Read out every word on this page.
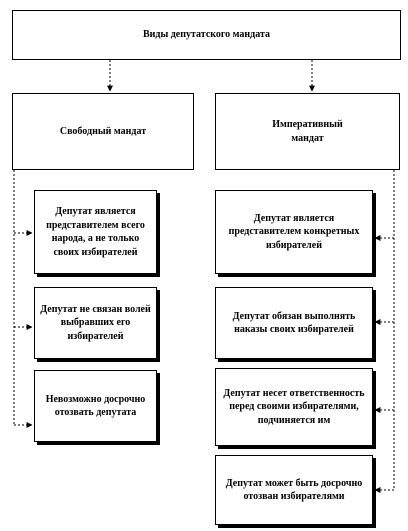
Виды депутатского мандата
Свободный мандат
Императивный мандат
Депутат является представителем всего народа, а не только своих избирателей
Депутат не связан волей выбравших его избирателей
Невозможно досрочно отозвать депутата
Депутат является представителем конкретных избирателей
Депутат обязан выполнять наказы своих избирателей
Депутат несет ответственность перед своими избирателями, подчиняется им
Депутат может быть досрочно отозван избирателями
